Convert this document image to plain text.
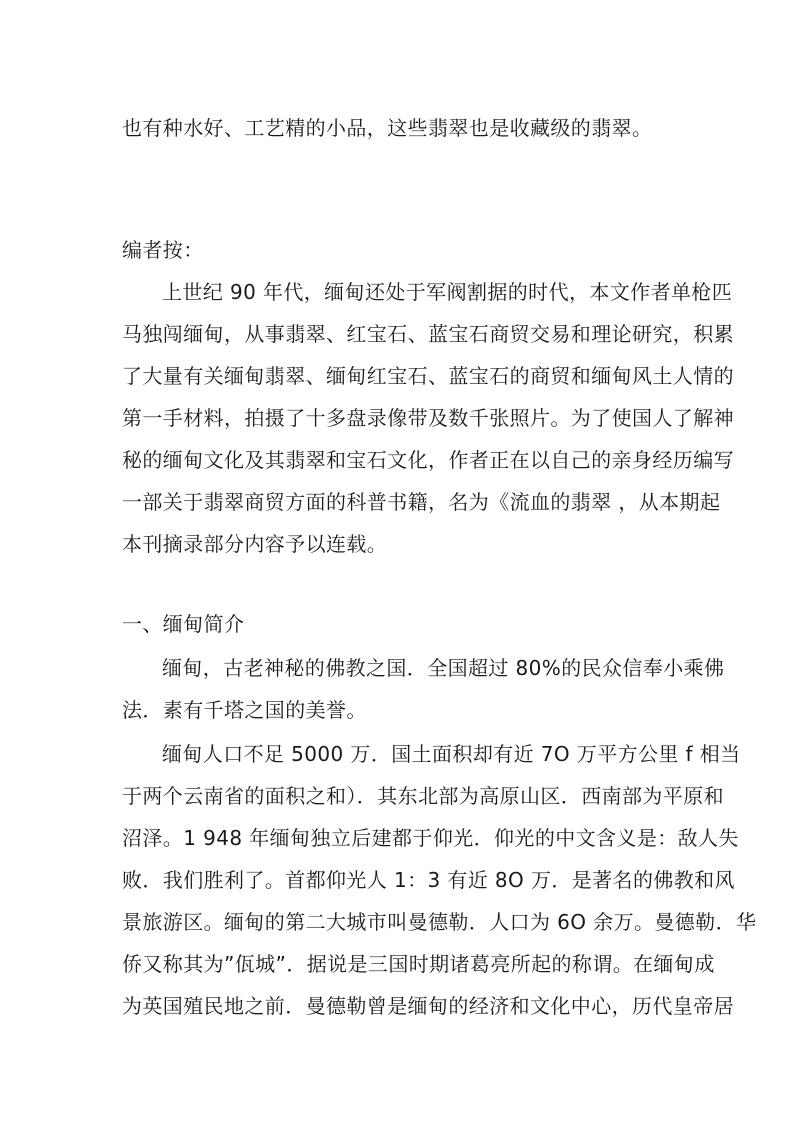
也有种水好、工艺精的小品，这些翡翠也是收藏级的翡翠。
编者按：
上世纪 90 年代，缅甸还处于军阀割据的时代，本文作者单枪匹
马独闯缅甸，从事翡翠、红宝石、蓝宝石商贸交易和理论研究，积累
了大量有关缅甸翡翠、缅甸红宝石、蓝宝石的商贸和缅甸风土人情的
第一手材料，拍摄了十多盘录像带及数千张照片。为了使国人了解神
秘的缅甸文化及其翡翠和宝石文化，作者正在以自己的亲身经历编写
一部关于翡翠商贸方面的科普书籍，名为《流血的翡翠 ，从本期起
本刊摘录部分内容予以连载。
一、缅甸简介
缅甸，古老神秘的佛教之国．全国超过 80%的民众信奉小乘佛
法．素有千塔之国的美誉。
缅甸人口不足 5000 万．国土面积却有近 7O 万平方公里 f 相当
于两个云南省的面积之和）．其东北部为高原山区．西南部为平原和
沼泽。1 948 年缅甸独立后建都于仰光．仰光的中文含义是：敌人失
败．我们胜利了。首都仰光人 1：3 有近 8O 万．是著名的佛教和风
景旅游区。缅甸的第二大城市叫曼德勒．人口为 6O 余万。曼德勒．华
侨又称其为”佤城”．据说是三国时期诸葛亮所起的称谓。在缅甸成
为英国殖民地之前．曼德勒曾是缅甸的经济和文化中心，历代皇帝居
